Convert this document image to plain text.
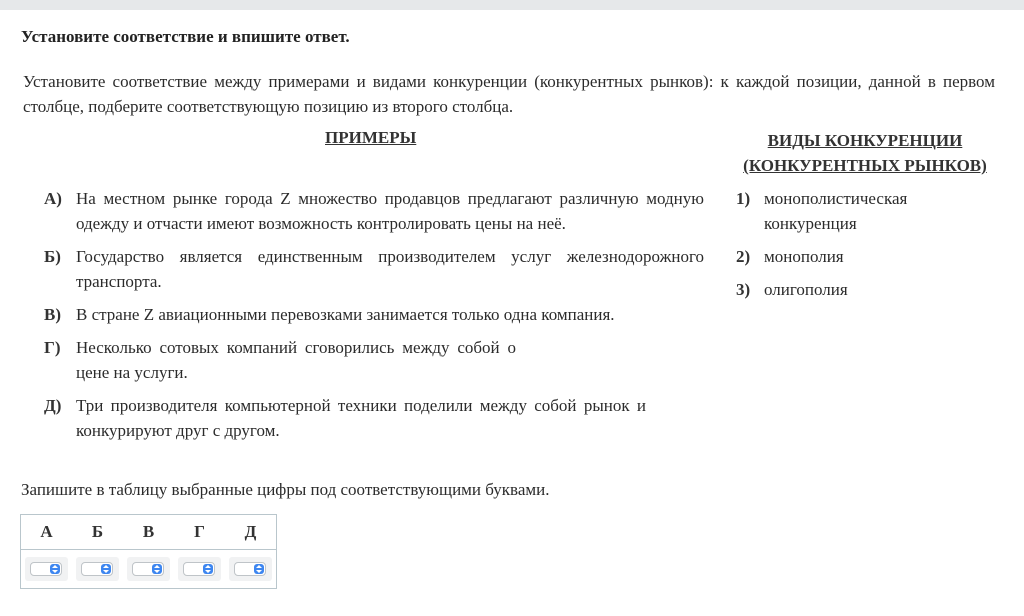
Установите соответствие и впишите ответ.
Установите соответствие между примерами и видами конкуренции (конкурентных рынков): к каждой позиции, данной в первом столбце, подберите соответствующую позицию из второго столбца.
ПРИМЕРЫ	ВИДЫ КОНКУРЕНЦИИ
(КОНКУРЕНТНЫХ РЫНКОВ)
А) На местном рынке города Z множество продавцов предлагают различную модную одежду и отчасти имеют возможность контролировать цены на неё.
Б) Государство является единственным производителем услуг железнодорожного транспорта.
В) В стране Z авиационными перевозками занимается только одна компания.
Г) Несколько сотовых компаний сговорились между собой о цене на услуги.
Д) Три производителя компьютерной техники поделили между собой рынок и конкурируют друг с другом.
1) монополистическая конкуренция
2) монополия
3) олигополия
Запишите в таблицу выбранные цифры под соответствующими буквами.
А	Б	В	Г	Д
